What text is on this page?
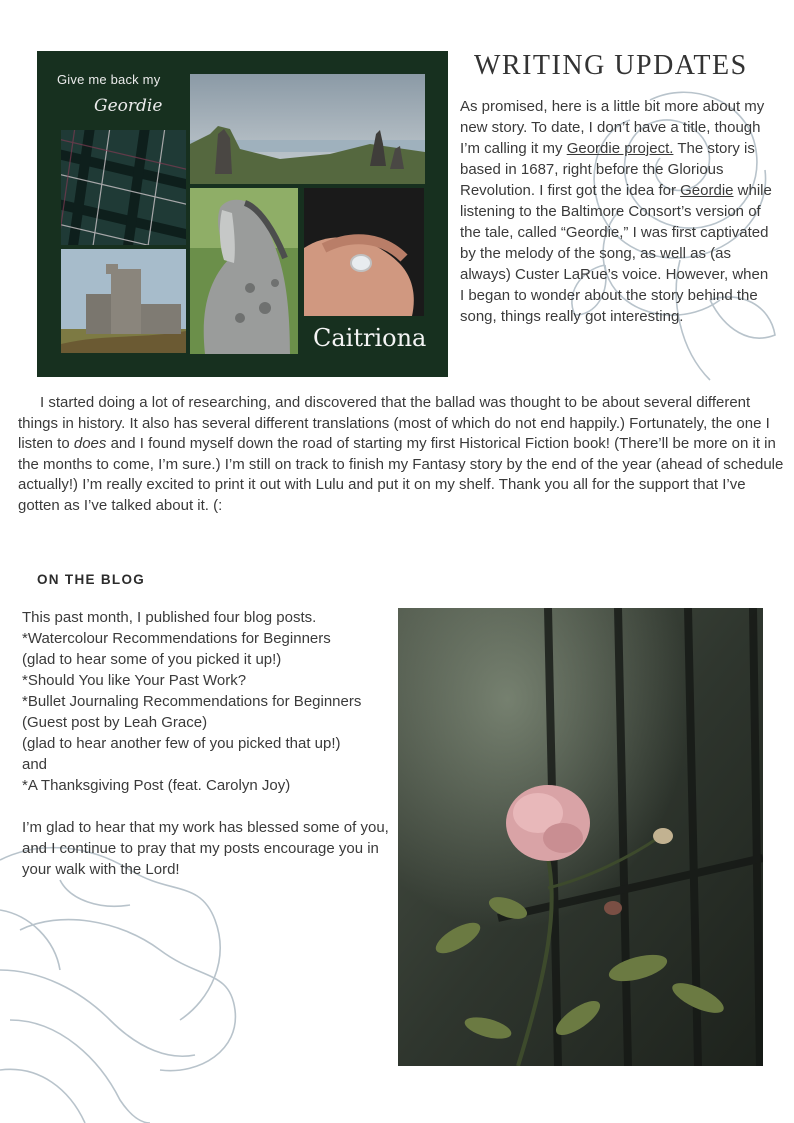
Give me back my
Geordie
Caitriona
WRITING UPDATES
As promised, here is a little bit more about my new story. To date, I don’t have a title, though I’m calling it my Geordie project. The story is based in 1687, right before the Glorious Revolution. I first got the idea for Geordie while listening to the Baltimore Consort’s version of the tale, called “Geordie,” I was first captivated by the melody of the song, as well as (as always) Custer LaRue’s voice. However, when I began to wonder about the story behind the song, things really got interesting.
I started doing a lot of researching, and discovered that the ballad was thought to be about several different things in history. It also has several different translations (most of which do not end happily.) Fortunately, the one I listen to does and I found myself down the road of starting my first Historical Fiction book! (There’ll be more on it in the months to come, I’m sure.) I’m still on track to finish my Fantasy story by the end of the year (ahead of schedule actually!) I’m really excited to print it out with Lulu and put it on my shelf. Thank you all for the support that I’ve gotten as I’ve talked about it. (:
ON THE BLOG
This past month, I published four blog posts.
*Watercolour Recommendations for Beginners
(glad to hear some of you picked it up!)
*Should You like Your Past Work?
*Bullet Journaling Recommendations for Beginners (Guest post by Leah Grace)
(glad to hear another few of you picked that up!)
and
*A Thanksgiving Post (feat. Carolyn Joy)
I’m glad to hear that my work has blessed some of you, and I continue to pray that my posts encourage you in your walk with the Lord!
